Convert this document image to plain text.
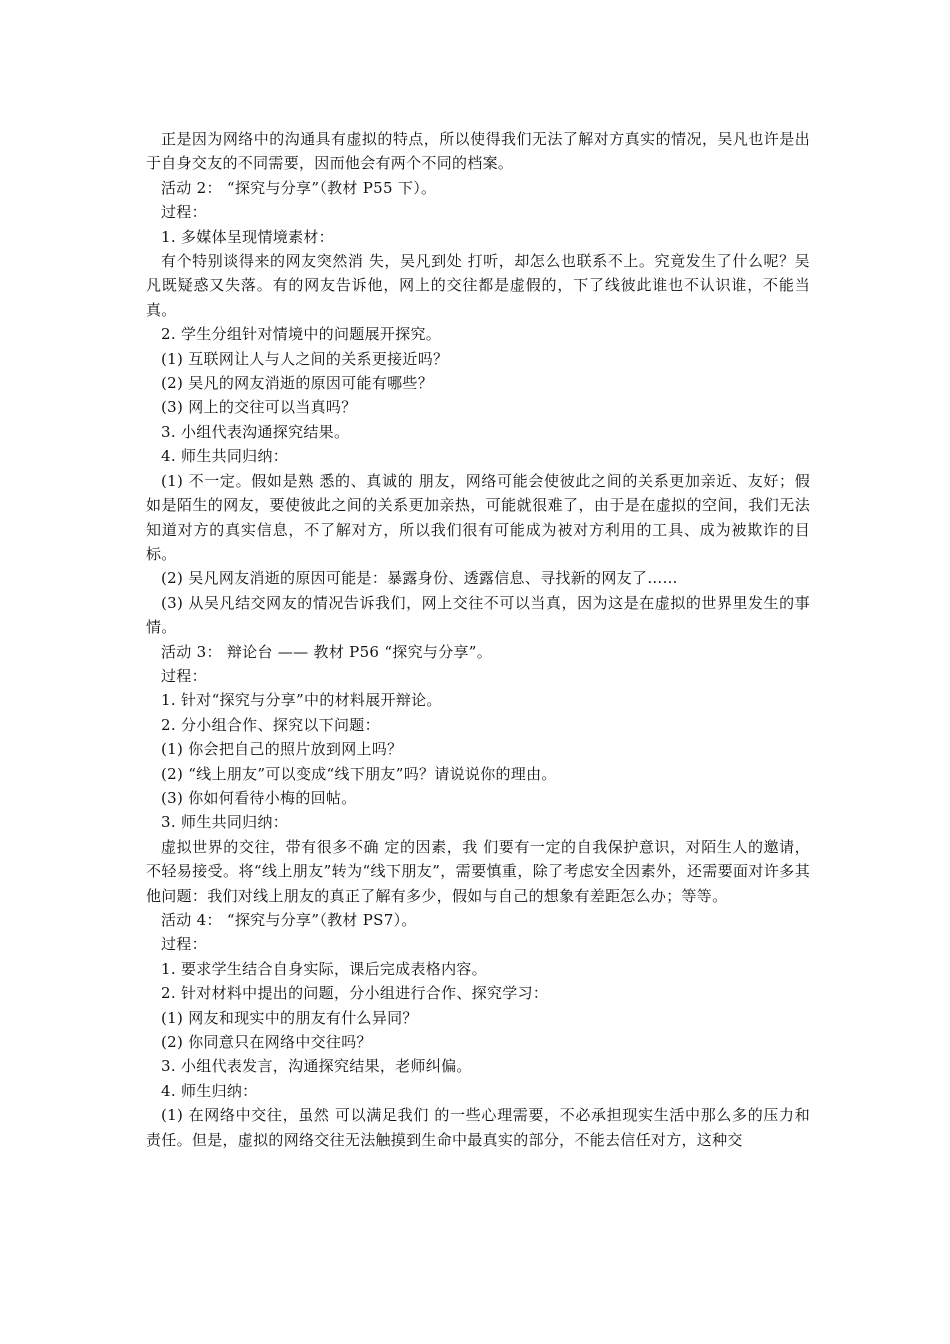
正是因为网络中的沟通具有虚拟的特点，所以使得我们无法了解对方真实的情况，吴凡也许是出于自身交友的不同需要，因而他会有两个不同的档案。

活动 2： “探究与分享”（教材 P55 下）。

过程：

1. 多媒体呈现情境素材：

有个特别谈得来的网友突然消 失，吴凡到处 打听，却怎么也联系不上。究竟发生了什么呢？吴凡既疑惑又失落。有的网友告诉他，网上的交往都是虚假的，下了线彼此谁也不认识谁，不能当真。

2. 学生分组针对情境中的问题展开探究。

(1) 互联网让人与人之间的关系更接近吗？

(2) 吴凡的网友消逝的原因可能有哪些？

(3) 网上的交往可以当真吗？

3. 小组代表沟通探究结果。

4. 师生共同归纳：

(1) 不一定。假如是熟 悉的、真诚的 朋友，网络可能会使彼此之间的关系更加亲近、友好；假如是陌生的网友，要使彼此之间的关系更加亲热，可能就很难了，由于是在虚拟的空间，我们无法知道对方的真实信息，不了解对方，所以我们很有可能成为被对方利用的工具、成为被欺诈的目标。

(2) 吴凡网友消逝的原因可能是：暴露身份、透露信息、寻找新的网友了……

(3) 从吴凡结交网友的情况告诉我们，网上交往不可以当真，因为这是在虚拟的世界里发生的事情。

活动 3： 辩论台 —— 教材 P56 “探究与分享”。

过程：

1. 针对“探究与分享”中的材料展开辩论。

2. 分小组合作、探究以下问题：

(1) 你会把自己的照片放到网上吗？

(2) “线上朋友”可以变成“线下朋友”吗？请说说你的理由。

(3) 你如何看待小梅的回帖。

3. 师生共同归纳：

虚拟世界的交往，带有很多不确 定的因素，我 们要有一定的自我保护意识，对陌生人的邀请，不轻易接受。将“线上朋友”转为“线下朋友”，需要慎重，除了考虑安全因素外，还需要面对许多其他问题：我们对线上朋友的真正了解有多少，假如与自己的想象有差距怎么办；等等。

活动 4： “探究与分享”（教材 PS7）。

过程：

1. 要求学生结合自身实际，课后完成表格内容。

2. 针对材料中提出的问题，分小组进行合作、探究学习：

(1) 网友和现实中的朋友有什么异同？

(2) 你同意只在网络中交往吗？

3. 小组代表发言，沟通探究结果，老师纠偏。

4. 师生归纳：

(1) 在网络中交往，虽然 可以满足我们 的一些心理需要，不必承担现实生活中那么多的压力和责任。但是，虚拟的网络交往无法触摸到生命中最真实的部分，不能去信任对方，这种交
